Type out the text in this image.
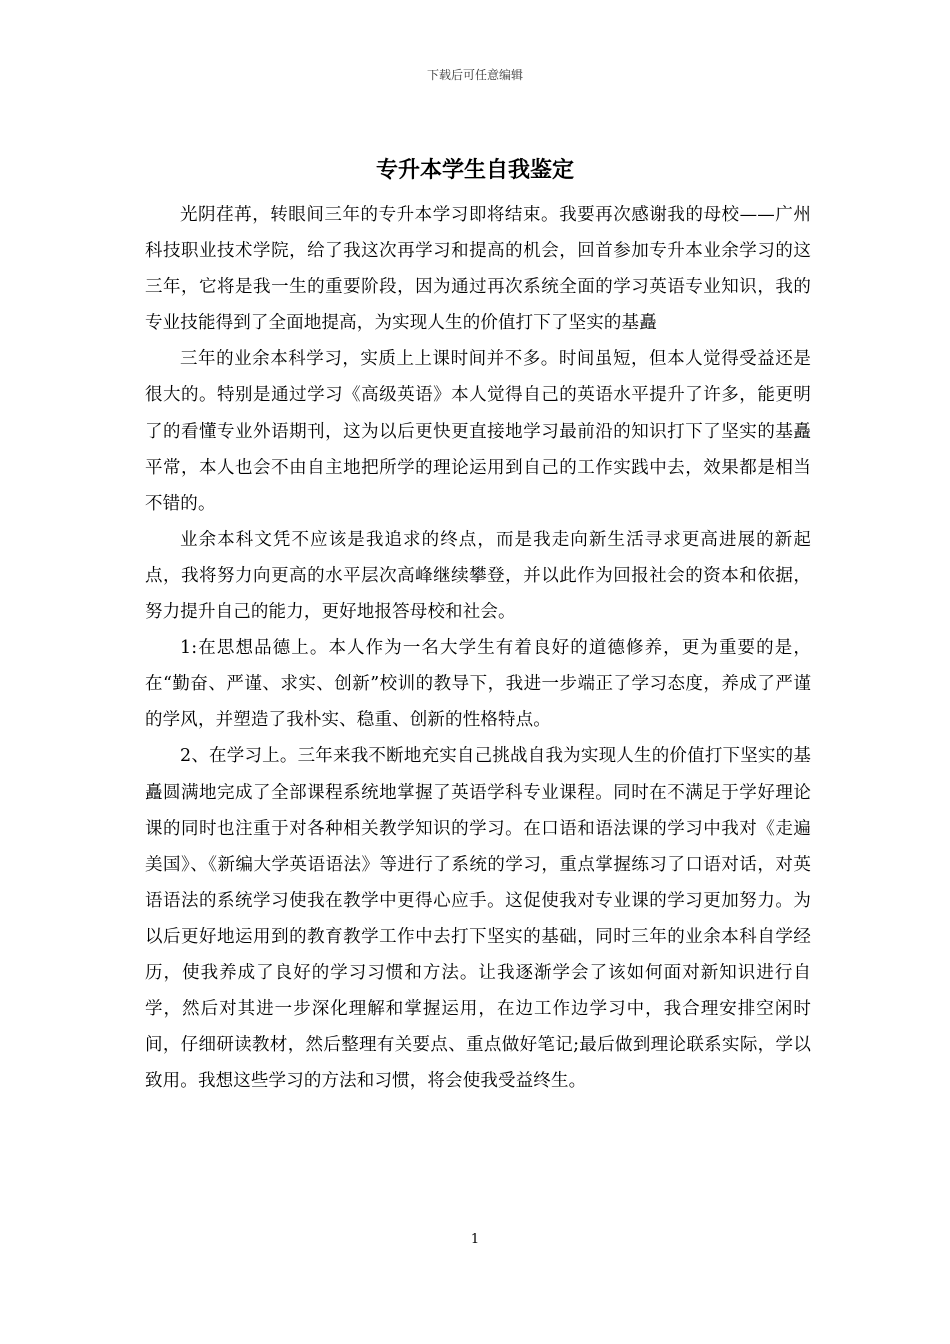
下载后可任意编辑
专升本学生自我鉴定

光阴荏苒，转眼间三年的专升本学习即将结束。我要再次感谢我的母校——广州科技职业技术学院，给了我这次再学习和提高的机会，回首参加专升本业余学习的这三年，它将是我一生的重要阶段，因为通过再次系统全面的学习英语专业知识，我的专业技能得到了全面地提高，为实现人生的价值打下了坚实的基矗

三年的业余本科学习，实质上上课时间并不多。时间虽短，但本人觉得受益还是很大的。特别是通过学习《高级英语》本人觉得自己的英语水平提升了许多，能更明了的看懂专业外语期刊，这为以后更快更直接地学习最前沿的知识打下了坚实的基矗平常，本人也会不由自主地把所学的理论运用到自己的工作实践中去，效果都是相当不错的。

业余本科文凭不应该是我追求的终点，而是我走向新生活寻求更高进展的新起点，我将努力向更高的水平层次高峰继续攀登，并以此作为回报社会的资本和依据，努力提升自己的能力，更好地报答母校和社会。

1:在思想品德上。本人作为一名大学生有着良好的道德修养，更为重要的是，在“勤奋、严谨、求实、创新”校训的教导下，我进一步端正了学习态度，养成了严谨的学风，并塑造了我朴实、稳重、创新的性格特点。

2、在学习上。三年来我不断地充实自己挑战自我为实现人生的价值打下坚实的基矗圆满地完成了全部课程系统地掌握了英语学科专业课程。同时在不满足于学好理论课的同时也注重于对各种相关教学知识的学习。在口语和语法课的学习中我对《走遍美国》、《新编大学英语语法》等进行了系统的学习，重点掌握练习了口语对话，对英语语法的系统学习使我在教学中更得心应手。这促使我对专业课的学习更加努力。为以后更好地运用到的教育教学工作中去打下坚实的基础，同时三年的业余本科自学经历，使我养成了良好的学习习惯和方法。让我逐渐学会了该如何面对新知识进行自学，然后对其进一步深化理解和掌握运用，在边工作边学习中，我合理安排空闲时间，仔细研读教材，然后整理有关要点、重点做好笔记;最后做到理论联系实际，学以致用。我想这些学习的方法和习惯，将会使我受益终生。

1
